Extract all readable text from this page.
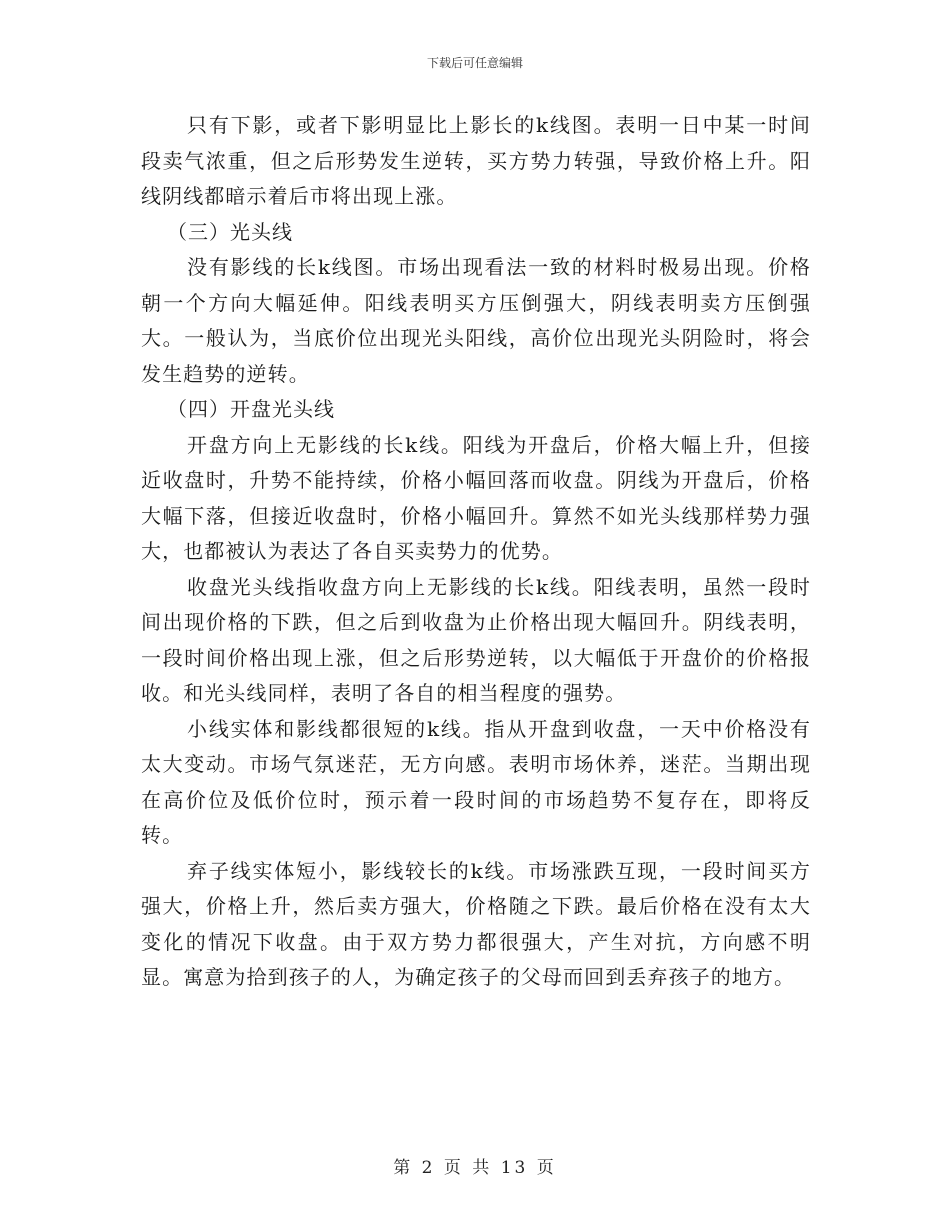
下载后可任意编辑

只有下影，或者下影明显比上影长的k线图。表明一日中某一时间段卖气浓重，但之后形势发生逆转，买方势力转强，导致价格上升。阳线阴线都暗示着后市将出现上涨。

（三）光头线

没有影线的长k线图。市场出现看法一致的材料时极易出现。价格朝一个方向大幅延伸。阳线表明买方压倒强大，阴线表明卖方压倒强大。一般认为，当底价位出现光头阳线，高价位出现光头阴险时，将会发生趋势的逆转。

（四）开盘光头线

开盘方向上无影线的长k线。阳线为开盘后，价格大幅上升，但接近收盘时，升势不能持续，价格小幅回落而收盘。阴线为开盘后，价格大幅下落，但接近收盘时，价格小幅回升。算然不如光头线那样势力强大，也都被认为表达了各自买卖势力的优势。

收盘光头线指收盘方向上无影线的长k线。阳线表明，虽然一段时间出现价格的下跌，但之后到收盘为止价格出现大幅回升。阴线表明，一段时间价格出现上涨，但之后形势逆转，以大幅低于开盘价的价格报收。和光头线同样，表明了各自的相当程度的强势。

小线实体和影线都很短的k线。指从开盘到收盘，一天中价格没有太大变动。市场气氛迷茫，无方向感。表明市场休养，迷茫。当期出现在高价位及低价位时，预示着一段时间的市场趋势不复存在，即将反转。

弃子线实体短小，影线较长的k线。市场涨跌互现，一段时间买方强大，价格上升，然后卖方强大，价格随之下跌。最后价格在没有太大变化的情况下收盘。由于双方势力都很强大，产生对抗，方向感不明显。寓意为拾到孩子的人，为确定孩子的父母而回到丢弃孩子的地方。

第 2 页 共 13 页
